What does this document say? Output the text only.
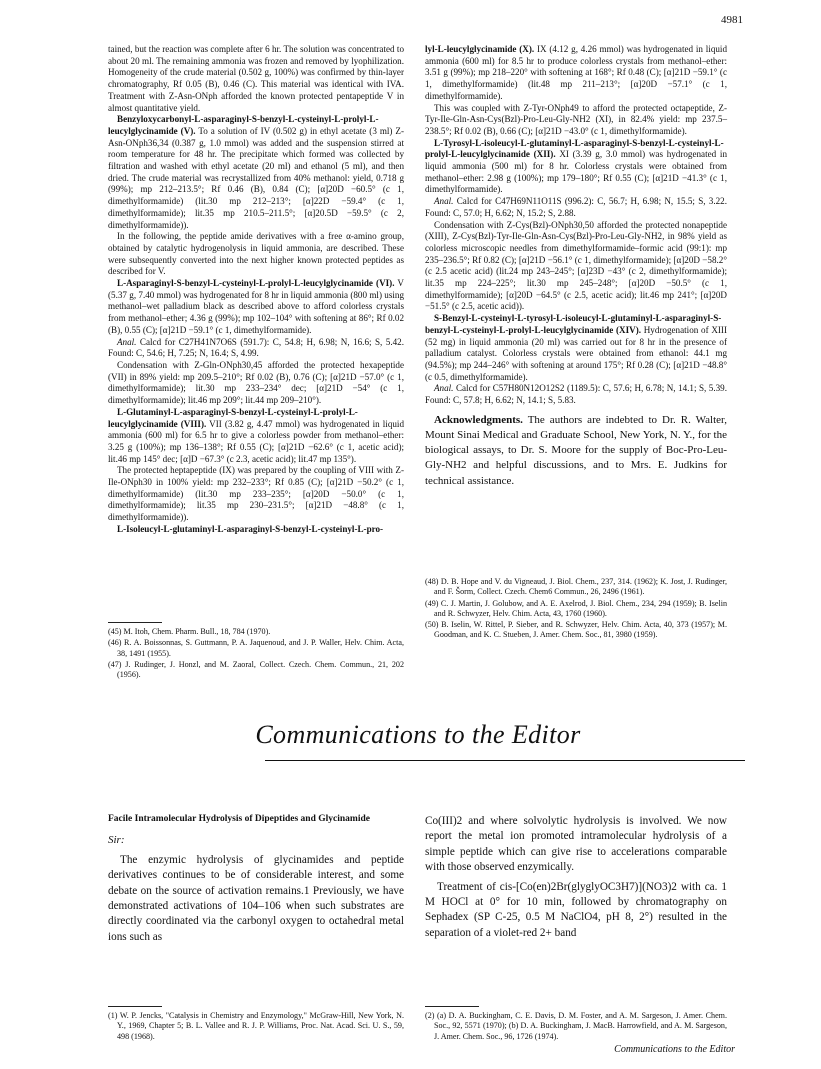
4981

tained, but the reaction was complete after 6 hr. The solution was concentrated to about 20 ml. The remaining ammonia was frozen and removed by lyophilization. Homogeneity of the crude material (0.502 g, 100%) was confirmed by thin-layer chromatography, Rf 0.05 (B), 0.46 (C). This material was identical with IVA. Treatment with Z-Asn-ONph afforded the known protected pentapeptide V in almost quantitative yield.

Benzyloxycarbonyl-L-asparaginyl-S-benzyl-L-cysteinyl-L-prolyl-L-leucylglycinamide (V). To a solution of IV (0.502 g) in ethyl acetate (3 ml) Z-Asn-ONph36,34 (0.387 g, 1.0 mmol) was added and the suspension stirred at room temperature for 48 hr. The precipitate which formed was collected by filtration and washed with ethyl acetate (20 ml) and ethanol (5 ml), and then dried. The crude material was recrystallized from 40% methanol: yield, 0.718 g (99%); mp 212–213.5°; Rf 0.46 (B), 0.84 (C); [α]20D −60.5° (c 1, dimethylformamide) (lit.30 mp 212–213°; [α]22D −59.4° (c 1, dimethylformamide); lit.35 mp 210.5–211.5°; [α]20.5D −59.5° (c 2, dimethylformamide)).

In the following, the peptide amide derivatives with a free α-amino group, obtained by catalytic hydrogenolysis in liquid ammonia, are described. These were subsequently converted into the next higher known protected peptides as described for V.

L-Asparaginyl-S-benzyl-L-cysteinyl-L-prolyl-L-leucylglycinamide (VI). V (5.37 g, 7.40 mmol) was hydrogenated for 8 hr in liquid ammonia (800 ml) using methanol–wet palladium black as described above to afford colorless crystals from methanol–ether; 4.36 g (99%); mp 102–104° with softening at 86°; Rf 0.02 (B), 0.55 (C); [α]21D −59.1° (c 1, dimethylformamide).

Anal. Calcd for C27H41N7O6S (591.7): C, 54.8; H, 6.98; N, 16.6; S, 5.42. Found: C, 54.6; H, 7.25; N, 16.4; S, 4.99.

Condensation with Z-Gln-ONph30,45 afforded the protected hexapeptide (VII) in 89% yield: mp 209.5–210°; Rf 0.02 (B), 0.76 (C); [α]21D −57.0° (c 1, dimethylformamide); lit.30 mp 233–234° dec; [α]21D −54° (c 1, dimethylformamide); lit.46 mp 209°; lit.44 mp 209–210°).

L-Glutaminyl-L-asparaginyl-S-benzyl-L-cysteinyl-L-prolyl-L-leucylglycinamide (VIII). VII (3.82 g, 4.47 mmol) was hydrogenated in liquid ammonia (600 ml) for 6.5 hr to give a colorless powder from methanol–ether: 3.25 g (100%); mp 136–138°; Rf 0.55 (C); [α]21D −62.6° (c 1, acetic acid); lit.46 mp 145° dec; [α]D −67.3° (c 2.3, acetic acid); lit.47 mp 135°).

The protected heptapeptide (IX) was prepared by the coupling of VIII with Z-Ile-ONph30 in 100% yield: mp 232–233°; Rf 0.85 (C); [α]21D −50.2° (c 1, dimethylformamide) (lit.30 mp 233–235°; [α]20D −50.0° (c 1, dimethylformamide); lit.35 mp 230–231.5°; [α]21D −48.8° (c 1, dimethylformamide)).

L-Isoleucyl-L-glutaminyl-L-asparaginyl-S-benzyl-L-cysteinyl-L-pro-

(45) M. Itoh, Chem. Pharm. Bull., 18, 784 (1970).

(46) R. A. Boissonnas, S. Guttmann, P. A. Jaquenoud, and J. P. Waller, Helv. Chim. Acta, 38, 1491 (1955).

(47) J. Rudinger, J. Honzl, and M. Zaoral, Collect. Czech. Chem. Commun., 21, 202 (1956).

lyl-L-leucylglycinamide (X). IX (4.12 g, 4.26 mmol) was hydrogenated in liquid ammonia (600 ml) for 8.5 hr to produce colorless crystals from methanol–ether: 3.51 g (99%); mp 218–220° with softening at 168°; Rf 0.48 (C); [α]21D −59.1° (c 1, dimethylformamide) (lit.48 mp 211–213°; [α]20D −57.1° (c 1, dimethylformamide).

This was coupled with Z-Tyr-ONph49 to afford the protected octapeptide, Z-Tyr-Ile-Gln-Asn-Cys(Bzl)-Pro-Leu-Gly-NH2 (XI), in 82.4% yield: mp 237.5–238.5°; Rf 0.02 (B), 0.66 (C); [α]21D −43.0° (c 1, dimethylformamide).

L-Tyrosyl-L-isoleucyl-L-glutaminyl-L-asparaginyl-S-benzyl-L-cysteinyl-L-prolyl-L-leucylglycinamide (XII). XI (3.39 g, 3.0 mmol) was hydrogenated in liquid ammonia (500 ml) for 8 hr. Colorless crystals were obtained from methanol–ether: 2.98 g (100%); mp 179–180°; Rf 0.55 (C); [α]21D −41.3° (c 1, dimethylformamide).

Anal. Calcd for C47H69N11O11S (996.2): C, 56.7; H, 6.98; N, 15.5; S, 3.22. Found: C, 57.0; H, 6.62; N, 15.2; S, 2.88.

Condensation with Z-Cys(Bzl)-ONph30,50 afforded the protected nonapeptide (XIII), Z-Cys(Bzl)-Tyr-Ile-Gln-Asn-Cys(Bzl)-Pro-Leu-Gly-NH2, in 98% yield as colorless microscopic needles from dimethylformamide–formic acid (99:1): mp 235–236.5°; Rf 0.82 (C); [α]21D −56.1° (c 1, dimethylformamide); [α]20D −58.2° (c 2.5 acetic acid) (lit.24 mp 243–245°; [α]23D −43° (c 2, dimethylformamide); lit.35 mp 224–225°; lit.30 mp 245–248°; [α]20D −50.5° (c 1, dimethylformamide); [α]20D −64.5° (c 2.5, acetic acid); lit.46 mp 241°; [α]20D −51.5° (c 2.5, acetic acid)).

S-Benzyl-L-cysteinyl-L-tyrosyl-L-isoleucyl-L-glutaminyl-L-asparaginyl-S-benzyl-L-cysteinyl-L-prolyl-L-leucylglycinamide (XIV). Hydrogenation of XIII (52 mg) in liquid ammonia (20 ml) was carried out for 8 hr in the presence of palladium catalyst. Colorless crystals were obtained from ethanol: 44.1 mg (94.5%); mp 244–246° with softening at around 175°; Rf 0.28 (C); [α]21D −48.8° (c 0.5, dimethylformamide).

Anal. Calcd for C57H80N12O12S2 (1189.5): C, 57.6; H, 6.78; N, 14.1; S, 5.39. Found: C, 57.8; H, 6.62; N, 14.1; S, 5.83.

Acknowledgments. The authors are indebted to Dr. R. Walter, Mount Sinai Medical and Graduate School, New York, N. Y., for the biological assays, to Dr. S. Moore for the supply of Boc-Pro-Leu-Gly-NH2 and helpful discussions, and to Mrs. E. Judkins for technical assistance.

(48) D. B. Hope and V. du Vigneaud, J. Biol. Chem., 237, 314. (1962); K. Jost, J. Rudinger, and F. Šorm, Collect. Czech. Chem6 Commun., 26, 2496 (1961).

(49) C. J. Martin, J. Golubow, and A. E. Axelrod, J. Biol. Chem., 234, 294 (1959); B. Iselin and R. Schwyzer, Helv. Chim. Acta, 43, 1760 (1960).

(50) B. Iselin, W. Rittel, P. Sieber, and R. Schwyzer, Helv. Chim. Acta, 40, 373 (1957); M. Goodman, and K. C. Stueben, J. Amer. Chem. Soc., 81, 3980 (1959).

Communications to the Editor

Facile Intramolecular Hydrolysis of Dipeptides and Glycinamide

Sir:

The enzymic hydrolysis of glycinamides and peptide derivatives continues to be of considerable interest, and some debate on the source of activation remains.1 Previously, we have demonstrated activations of 104–106 when such substrates are directly coordinated via the carbonyl oxygen to octahedral metal ions such as

(1) W. P. Jencks, "Catalysis in Chemistry and Enzymology," McGraw-Hill, New York, N. Y., 1969, Chapter 5; B. L. Vallee and R. J. P. Williams, Proc. Nat. Acad. Sci. U. S., 59, 498 (1968).

Co(III)2 and where solvolytic hydrolysis is involved. We now report the metal ion promoted intramolecular hydrolysis of a simple peptide which can give rise to accelerations comparable with those observed enzymically.

Treatment of cis-[Co(en)2Br(glyglyOC3H7)](NO3)2 with ca. 1 M HOCl at 0° for 10 min, followed by chromatography on Sephadex (SP C-25, 0.5 M NaClO4, pH 8, 2°) resulted in the separation of a violet-red 2+ band

(2) (a) D. A. Buckingham, C. E. Davis, D. M. Foster, and A. M. Sargeson, J. Amer. Chem. Soc., 92, 5571 (1970); (b) D. A. Buckingham, J. MacB. Harrowfield, and A. M. Sargeson, J. Amer. Chem. Soc., 96, 1726 (1974).

Communications to the Editor
